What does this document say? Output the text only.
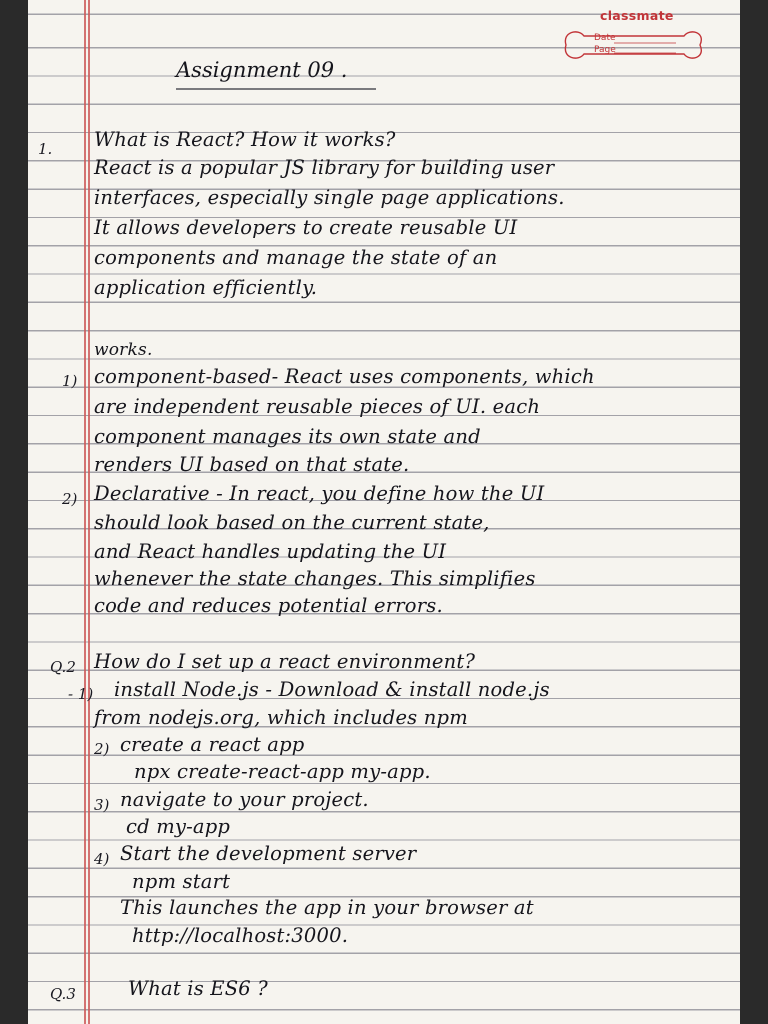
classmate
Date
Page
Assignment 09 .
1. What is React? How it works?
React is a popular JS library for building user
interfaces, especially single page applications.
It allows developers to create reusable UI
components and manage the state of an
application efficiently.
works.
1) component-based- React uses components, which
are independent reusable pieces of UI. each
component manages its own state and
renders UI based on that state.
2) Declarative - In react, you define how the UI
should look based on the current state,
and React handles updating the UI
whenever the state changes. This simplifies
code and reduces potential errors.
Q.2 How do I set up a react environment?
- 1) install Node.js - Download & install node.js
from nodejs.org, which includes npm
2) create a react app
npx create-react-app my-app.
3) navigate to your project.
cd my-app
4) Start the development server
npm start
This launches the app in your browser at
http://localhost:3000.
Q.3	What is ES6 ?
